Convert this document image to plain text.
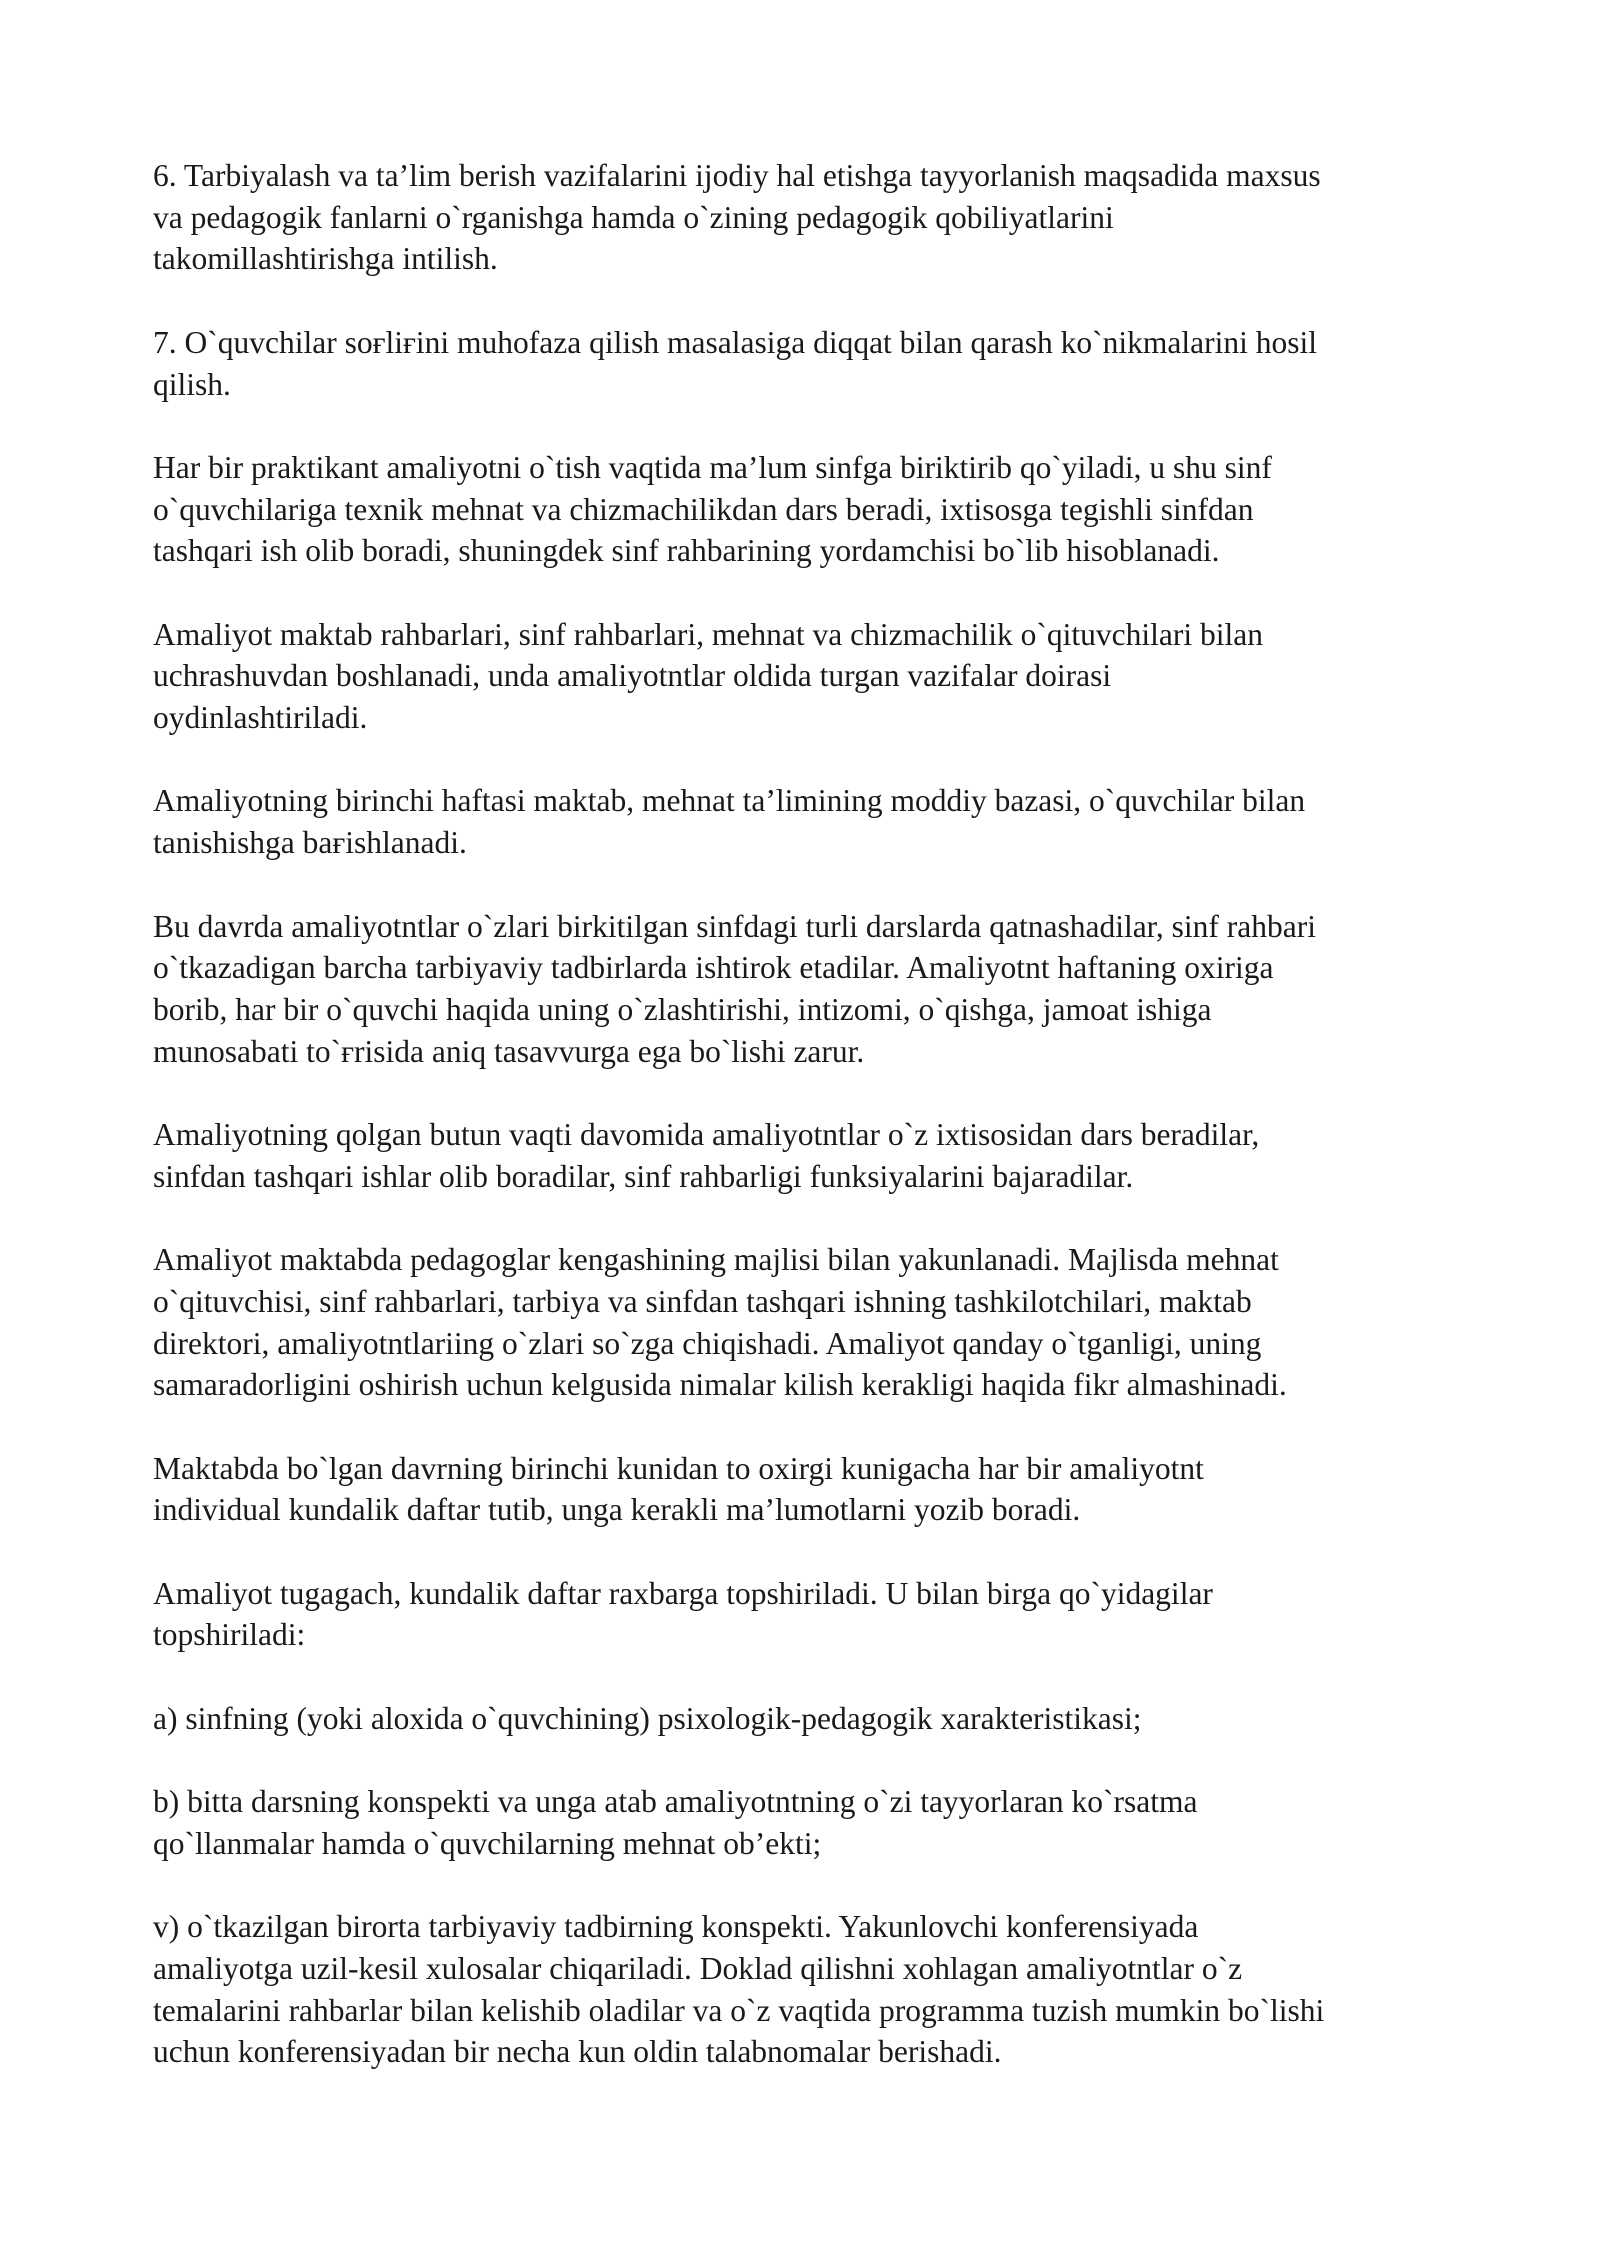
6. Tarbiyalash va ta’lim berish vazifalarini ijodiy hal etishga tayyorlanish maqsadida maxsus
va pedagogik fanlarni o`rganishga hamda o`zining pedagogik qobiliyatlarini
takomillashtirishga intilish.

7. O`quvchilar soғliғini muhofaza qilish masalasiga diqqat bilan qarash ko`nikmalarini hosil
qilish.

Har bir praktikant amaliyotni o`tish vaqtida ma’lum sinfga biriktirib qo`yiladi, u shu sinf
o`quvchilariga texnik mehnat va chizmachilikdan dars beradi, ixtisosga tegishli sinfdan
tashqari ish olib boradi, shuningdek sinf rahbarining yordamchisi bo`lib hisoblanadi.

Amaliyot maktab rahbarlari, sinf rahbarlari, mehnat va chizmachilik o`qituvchilari bilan
uchrashuvdan boshlanadi, unda amaliyotntlar oldida turgan vazifalar doirasi
oydinlashtiriladi.

Amaliyotning birinchi haftasi maktab, mehnat ta’limining moddiy bazasi, o`quvchilar bilan
tanishishga baғishlanadi.

Bu davrda amaliyotntlar o`zlari birkitilgan sinfdagi turli darslarda qatnashadilar, sinf rahbari
o`tkazadigan barcha tarbiyaviy tadbirlarda ishtirok etadilar. Amaliyotnt haftaning oxiriga
borib, har bir o`quvchi haqida uning o`zlashtirishi, intizomi, o`qishga, jamoat ishiga
munosabati to`ғrisida aniq tasavvurga ega bo`lishi zarur.

Amaliyotning qolgan butun vaqti davomida amaliyotntlar o`z ixtisosidan dars beradilar,
sinfdan tashqari ishlar olib boradilar, sinf rahbarligi funksiyalarini bajaradilar.

Amaliyot maktabda pedagoglar kengashining majlisi bilan yakunlanadi. Majlisda mehnat
o`qituvchisi, sinf rahbarlari, tarbiya va sinfdan tashqari ishning tashkilotchilari, maktab
direktori, amaliyotntlariing o`zlari so`zga chiqishadi. Amaliyot qanday o`tganligi, uning
samaradorligini oshirish uchun kelgusida nimalar kilish kerakligi haqida fikr almashinadi.

Maktabda bo`lgan davrning birinchi kunidan to oxirgi kunigacha har bir amaliyotnt
individual kundalik daftar tutib, unga kerakli ma’lumotlarni yozib boradi.

Amaliyot tugagach, kundalik daftar raxbarga topshiriladi. U bilan birga qo`yidagilar
topshiriladi:

a) sinfning (yoki aloxida o`quvchining) psixologik-pedagogik xarakteristikasi;

b) bitta darsning konspekti va unga atab amaliyotntning o`zi tayyorlaran ko`rsatma
qo`llanmalar hamda o`quvchilarning mehnat ob’ekti;

v) o`tkazilgan birorta tarbiyaviy tadbirning konspekti. Yakunlovchi konferensiyada
amaliyotga uzil-kesil xulosalar chiqariladi. Doklad qilishni xohlagan amaliyotntlar o`z
temalarini rahbarlar bilan kelishib oladilar va o`z vaqtida programma tuzish mumkin bo`lishi
uchun konferensiyadan bir necha kun oldin talabnomalar berishadi.
